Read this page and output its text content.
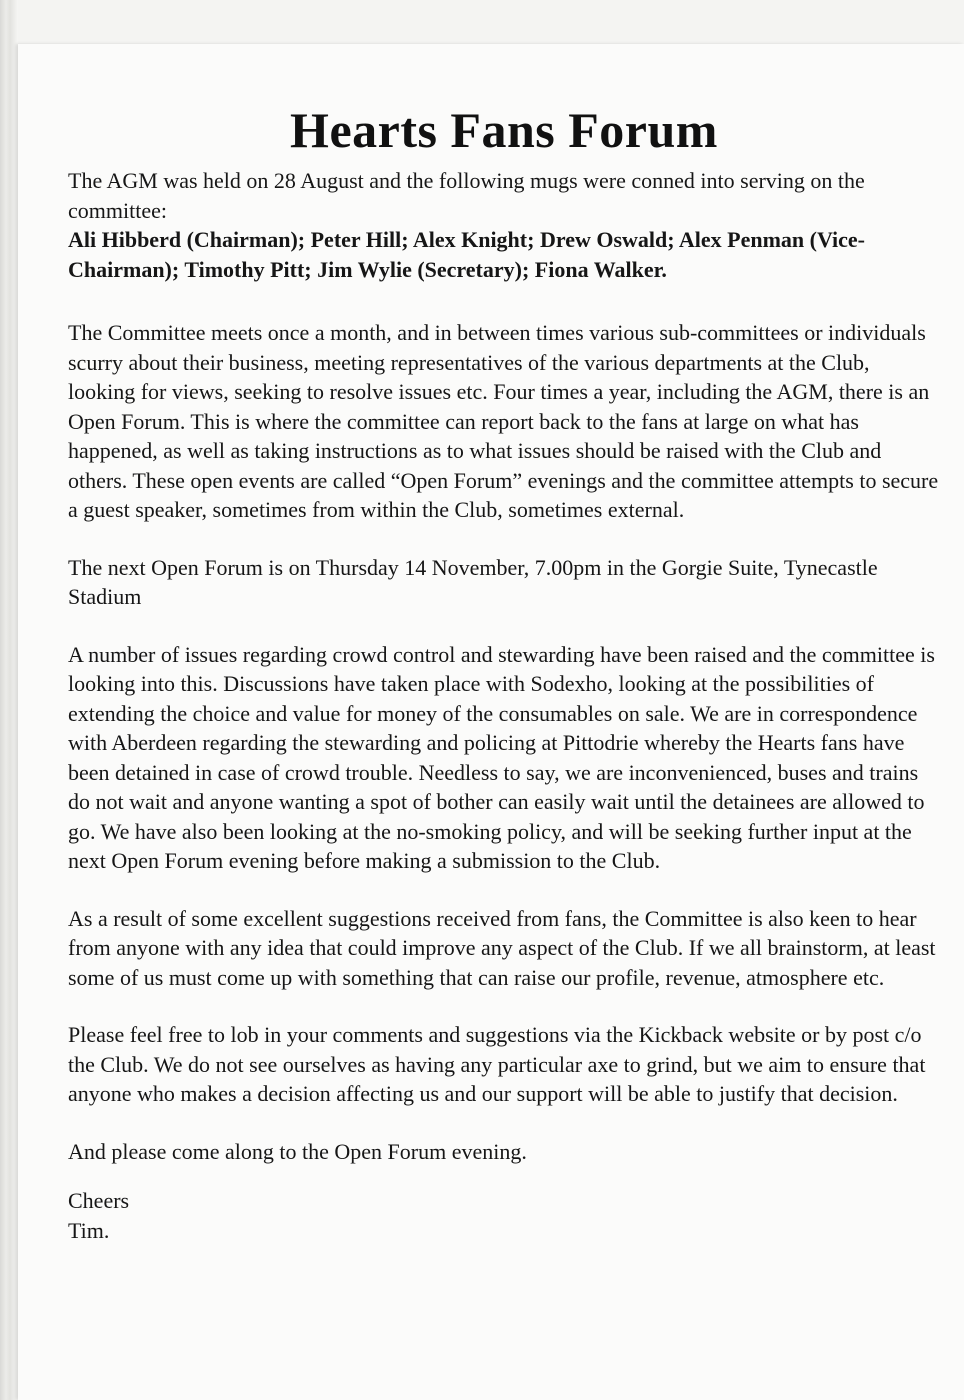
Hearts Fans Forum

The AGM was held on 28 August and the following mugs were conned into serving on the committee:

Ali Hibberd (Chairman); Peter Hill; Alex Knight; Drew Oswald; Alex Penman (Vice-Chairman); Timothy Pitt; Jim Wylie (Secretary); Fiona Walker.

The Committee meets once a month, and in between times various sub-committees or individuals scurry about their business, meeting representatives of the various departments at the Club, looking for views, seeking to resolve issues etc. Four times a year, including the AGM, there is an Open Forum. This is where the committee can report back to the fans at large on what has happened, as well as taking instructions as to what issues should be raised with the Club and others. These open events are called “Open Forum” evenings and the committee attempts to secure a guest speaker, sometimes from within the Club, sometimes external.

The next Open Forum is on Thursday 14 November, 7.00pm in the Gorgie Suite, Tynecastle Stadium

A number of issues regarding crowd control and stewarding have been raised and the committee is looking into this. Discussions have taken place with Sodexho, looking at the possibilities of extending the choice and value for money of the consumables on sale. We are in correspondence with Aberdeen regarding the stewarding and policing at Pittodrie whereby the Hearts fans have been detained in case of crowd trouble. Needless to say, we are inconvenienced, buses and trains do not wait and anyone wanting a spot of bother can easily wait until the detainees are allowed to go. We have also been looking at the no-smoking policy, and will be seeking further input at the next Open Forum evening before making a submission to the Club.

As a result of some excellent suggestions received from fans, the Committee is also keen to hear from anyone with any idea that could improve any aspect of the Club. If we all brainstorm, at least some of us must come up with something that can raise our profile, revenue, atmosphere etc.

Please feel free to lob in your comments and suggestions via the Kickback website or by post c/o the Club. We do not see ourselves as having any particular axe to grind, but we aim to ensure that anyone who makes a decision affecting us and our support will be able to justify that decision.

And please come along to the Open Forum evening.

Cheers

Tim.
